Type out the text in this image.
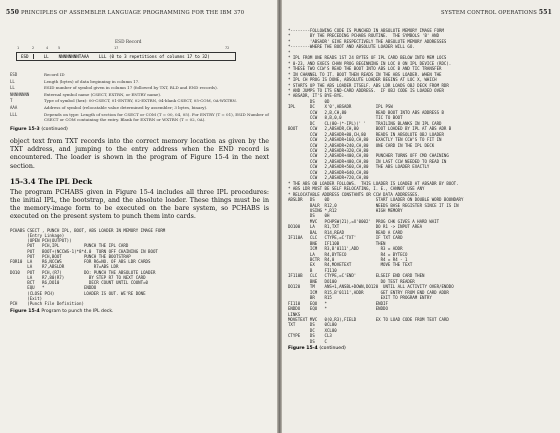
550 PRINCIPLES OF ASSEMBLER LANGUAGE PROGRAMMING FOR THE IBM 370
ESD Record
1	2	4	5	17	72
ESD	LL NNNNNNNNTAAA LLL (0 to 3 repetitions of columns 17 to 32)
ESD	Record ID
LL	Length (bytes) of data beginning in column 17.
LL	ESID number of symbol given in column 17 (followed by TXT, RLD and END records).
NNNNNNNN	External symbol name (CSECT, EXTRN, or ENTRY name).
T	Type of symbol (hex): 00-CSECT, 01-ENTRY, 02-EXTRN, 04-blank CSECT, 05-COM, 0A-WXTRN.
AAA	Address of symbol (relocatable value determined by assembler; 3 bytes, binary).
LLL	Depends on type: Length of section for CSECT or COM (T = 00, 04, 05). For ENTRY (T = 01), ESID Number of CSECT or COM containing the entry. Blank for EXTRN or WXTRN (T = 02, 0A).
Figure 15-3 (continued)

object text from TXT records into the correct memory location as given by the TXT address, and jumping to the entry address when the END record is encountered. The loader is shown in the program of Figure 15-4 in the next section.

15-3.4 The IPL Deck

The program PCHABS given in Figure 15-4 includes all three IPL procedures: the initial IPL, the bootstrap, and the absolute loader. These things must be in the memory-image form to be executed on the bare system, so PCHABS is executed on the present system to punch them into cards.

PCHABS CSECT , PUNCH IPL, BOOT, ABS LOADER IN MEMORY IMAGE FORM
(Entry Linkage)
(OPEN PCH(OUTPUT))
PUT   PCH,IPL          PUNCH THE IPL CARD
PUT   BOOT+(NCCWS-1)*8*4.0  TURN OFF CHAINING IN BOOT
PUT   PCH,BOOT         PUNCH THE BOOTSTRAP
FOR10  LA    R6,NCCWS         FOR R6=NO. OF ABS LDR CARDS
LA    R7,ABSLDR            R7=ABS LDR
DO10   PUT   PCH,(R7)         DO: PUNCH THE ABSOLUTE LOADER
LA    R7,80(R7)          BY STEP R7 TO NEXT CARD
BCT   R6,DO10            DECR COUNT UNTIL COUNT=0
EQU   *                ENDDO
(CLOSE PCH)            LOADER IS OUT. WE'RE DONE
(Exit)
PCH    (Punch File Definition)
Figure 15-4 Program to punch the IPL deck.
SYSTEM CONTROL OPERATIONS 551
*--------FOLLOWING CODE IS PUNCHED IN ABSOLUTE MEMORY IMAGE FORM
*        BY THE PRECEDING PCHABS ROUTINE.  THE SYMBOLS 'B' AND
*        'ABSADR' GIVE RESPECTIVELY THE ABSOLUTE MEMORY ADDRESSES
*--------WHERE THE BOOT AND ABSOLUTE LOADER WILL GO.
*
* IPL FROM ONE READS 1ST 24 BYTES OF IPL CARD BELOW INTO MEM LOCS
* 0-23, AND EXECS CHAN PROG BEGINNING IN LOC 8 ON IPL DEVICE (RDC).
* THESE TWO CCW'S READ THE BOOT INTO ABS LOC B AND TIC TRANSFER
* IN CHANNEL TO IT. BOOT THEN READS IN THE ABS LOADER. WHEN THE
* IPL CH PROG IS DONE, ABSOLUTE LOADER BEGINS AT LOC X, WHICH
* STARTS UP THE ABS LOADER ITSELF. ABS LDR LOADS OBJ DECK FROM RDR
* AND JUMPS TO ITS END-CARD ADDRESS.  IF OBJ CODE IS LOADED OVER
* ABSADR, IT'S BYE-BYE.
DS    0D
IPL      DC    X'0',ABSADR          IPL PSW
CCW   2,B,CH,80            READ BOOT INTO ABS ADDRESS B
CCW   8,B,0,0              TIC TO BOOT
DC    CL(80-(*-IPL))' '    TRAILING BLANKS IN IPL CARD
BOOT     CCW   2,ABSADR,CH,80       BOOT LOADED BY IPL AT ABS ADR B
CCW   2,ABSADR+80,CH,80    READS IN ABSOLUTE OBJ LOADER
CCW   2,ABSADR+160,CH,80   EXACTLY TEN CCW'S TO FIT IN
CCW   2,ABSADR+240,CH,80   ONE CARD IN THE IPL DECK
CCW   2,ABSADR+320,CH,80
CCW   2,ABSADR+400,CH,80   PUNCHER TURNS OFF CMD CHAINING
CCW   2,ABSADR+480,CH,80   IN LAST CCW NEEDED TO READ IN
CCW   2,ABSADR+560,CH,80   THE ABS LOADER EXACTLY
CCW   2,ABSADR+640,CH,80
CCW   2,ABSADR+720,CH,80
* THE ABS OB LOADER FOLLOWS.  THIS LOADER IS LOADED AT ABSADR BY BOOT.
* ABS LDR MUST BE SELF RELOCATING, I. E., CANNOT USE ANY
* RELOCATABLE ADDRESS CONSTANTS OR CCW DATA ADDRESSES.
ABSLDR   DS    0D                   START LOADER ON DOUBLE WORD BOUNDARY
BALR  R12,0                NEEDS BASE REGISTER SINCE IT IS IN
USING *,R12                HIGH MEMORY
DS    0H
MVC   PCHPSW(21),=X'0002'  PROG CHK GIVES A HARD WAIT
DO100    LA    R1,TXT               DO R1 -> INPUT AREA
BAL   R14,READ             READ A CARD
IF110A   CLC   CTYPE,=C'TXT'        IF TXT CARD
BNE   IF110B               THEN
ICM   R3,B'0111',ADD         R3 = ADDR
LA    R4,BYTECO              R4 = BYTECO
BCTR  R4,0                   R4 = R4 - 1
EX    R4,MOVETEXT            MOVE THE TEXT
B     FI110
IF110B   CLC   CTYPE,=C'END'        ELSEIF END CARD THEN
BNE   DO100                  DO TEST READER
DO120    TM    ANS+1,ANSBL+DOWN,DO120  UNTIL ALL ACTIVITY OVER/ENDDO
ICM   R15,B'0111',ADDR       GET ENTRY FROM END CARD ADDR
BR    R15                    EXIT TO PROGRAM ENTRY
FI110    EQU   *                    ENDIF
ENDDO    EQU   *                    ENDDO
LINKS
MOVETEXT MVC   0(0,R3),FIELD        EX TO LOAD CODE FROM TEXT CARD
TXT      DS    0CL80
DC    XCL80
CTYPE    DS    CL3
DS    C
Figure 15-4 (continued)
